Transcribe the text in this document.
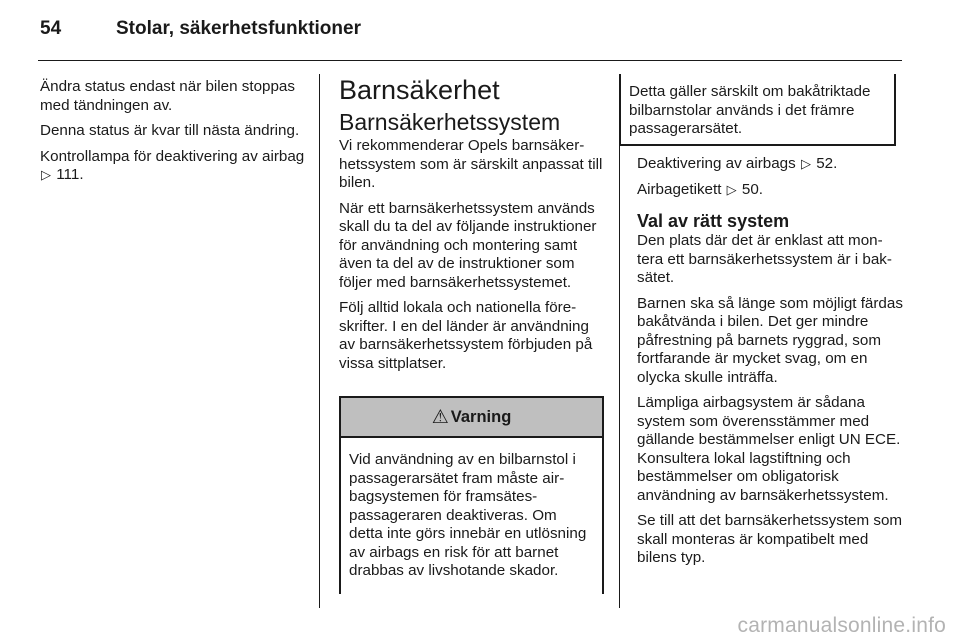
54	Stolar, säkerhetsfunktioner

Ändra status endast när bilen stoppas med tändningen av.

Denna status är kvar till nästa ändring.

Kontrollampa för deaktivering av airbag ▷ 111.

Barnsäkerhet
Barnsäkerhetssystem

Vi rekommenderar Opels barnsäkerhetssystem som är särskilt anpassat till bilen.

När ett barnsäkerhetssystem används skall du ta del av följande instruktioner för användning och montering samt även ta del av de instruktioner som följer med barnsäkerhetssystemet.

Följ alltid lokala och nationella föreskrifter. I en del länder är användning av barnsäkerhetssystem förbjuden på vissa sittplatser.

⚠ Varning
Vid användning av en bilbarnstol i passagerarsätet fram måste airbagsystemen för framsätespassageraren deaktiveras. Om detta inte görs innebär en utlösning av airbags en risk för att barnet drabbas av livshotande skador.
Detta gäller särskilt om bakåtriktade bilbarnstolar används i det främre passagerarsätet.

Deaktivering av airbags ▷ 52.

Airbagetikett ▷ 50.

Val av rätt system

Den plats där det är enklast att montera ett barnsäkerhetssystem är i baksätet.

Barnen ska så länge som möjligt färdas bakåtvända i bilen. Det ger mindre påfrestning på barnets ryggrad, som fortfarande är mycket svag, om en olycka skulle inträffa.

Lämpliga airbagsystem är sådana system som överensstämmer med gällande bestämmelser enligt UN ECE. Konsultera lokal lagstiftning och bestämmelser om obligatorisk användning av barnsäkerhetssystem.

Se till att det barnsäkerhetssystem som skall monteras är kompatibelt med bilens typ.

carmanualsonline.info
